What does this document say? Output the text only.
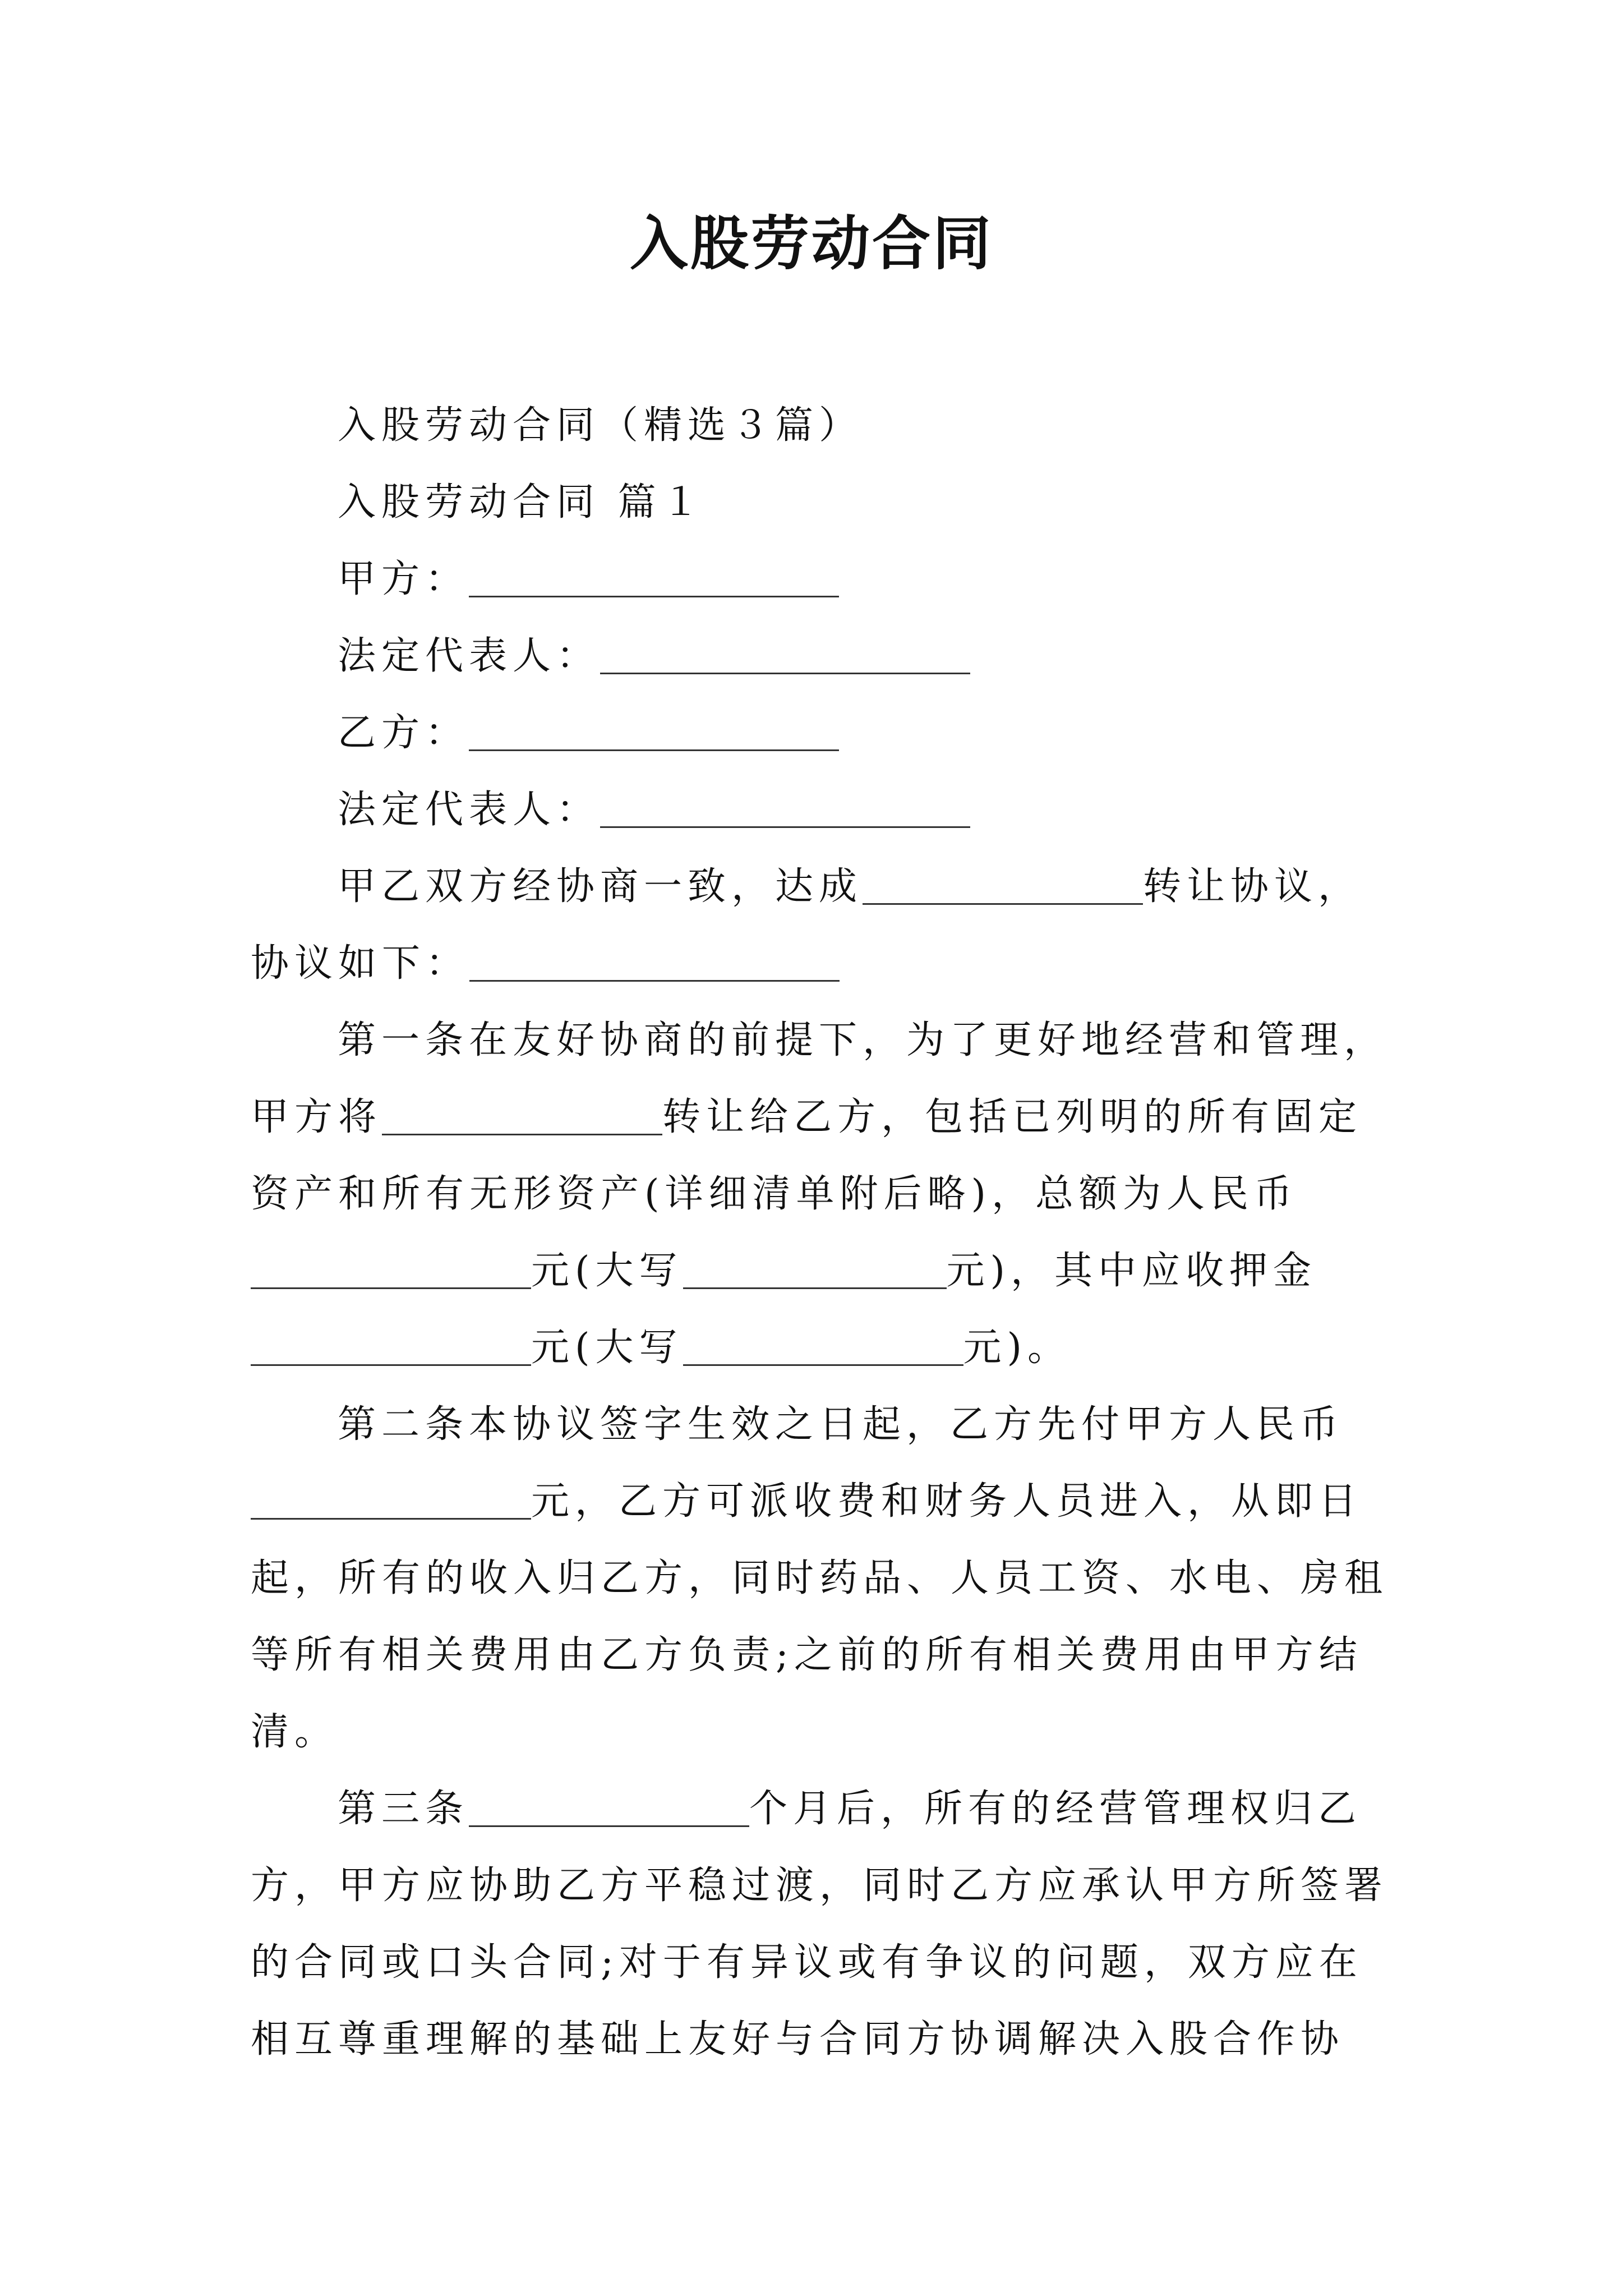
入股劳动合同
入股劳动合同（精选３篇）
入股劳动合同 篇１
甲方：
法定代表人：
乙方：
法定代表人：
甲乙双方经协商一致，达成	转让协议，
协议如下：
第一条在友好协商的前提下，为了更好地经营和管理，
甲方将	转让给乙方，包括已列明的所有固定
资产和所有无形资产(详细清单附后略)，总额为人民币
元(大写	元)，其中应收押金
元(大写	元)。
第二条本协议签字生效之日起，乙方先付甲方人民币
元，乙方可派收费和财务人员进入，从即日
起，所有的收入归乙方，同时药品、人员工资、水电、房租
等所有相关费用由乙方负责;之前的所有相关费用由甲方结
清。
第三条	个月后，所有的经营管理权归乙
方，甲方应协助乙方平稳过渡，同时乙方应承认甲方所签署
的合同或口头合同;对于有异议或有争议的问题，双方应在
相互尊重理解的基础上友好与合同方协调解决入股合作协
